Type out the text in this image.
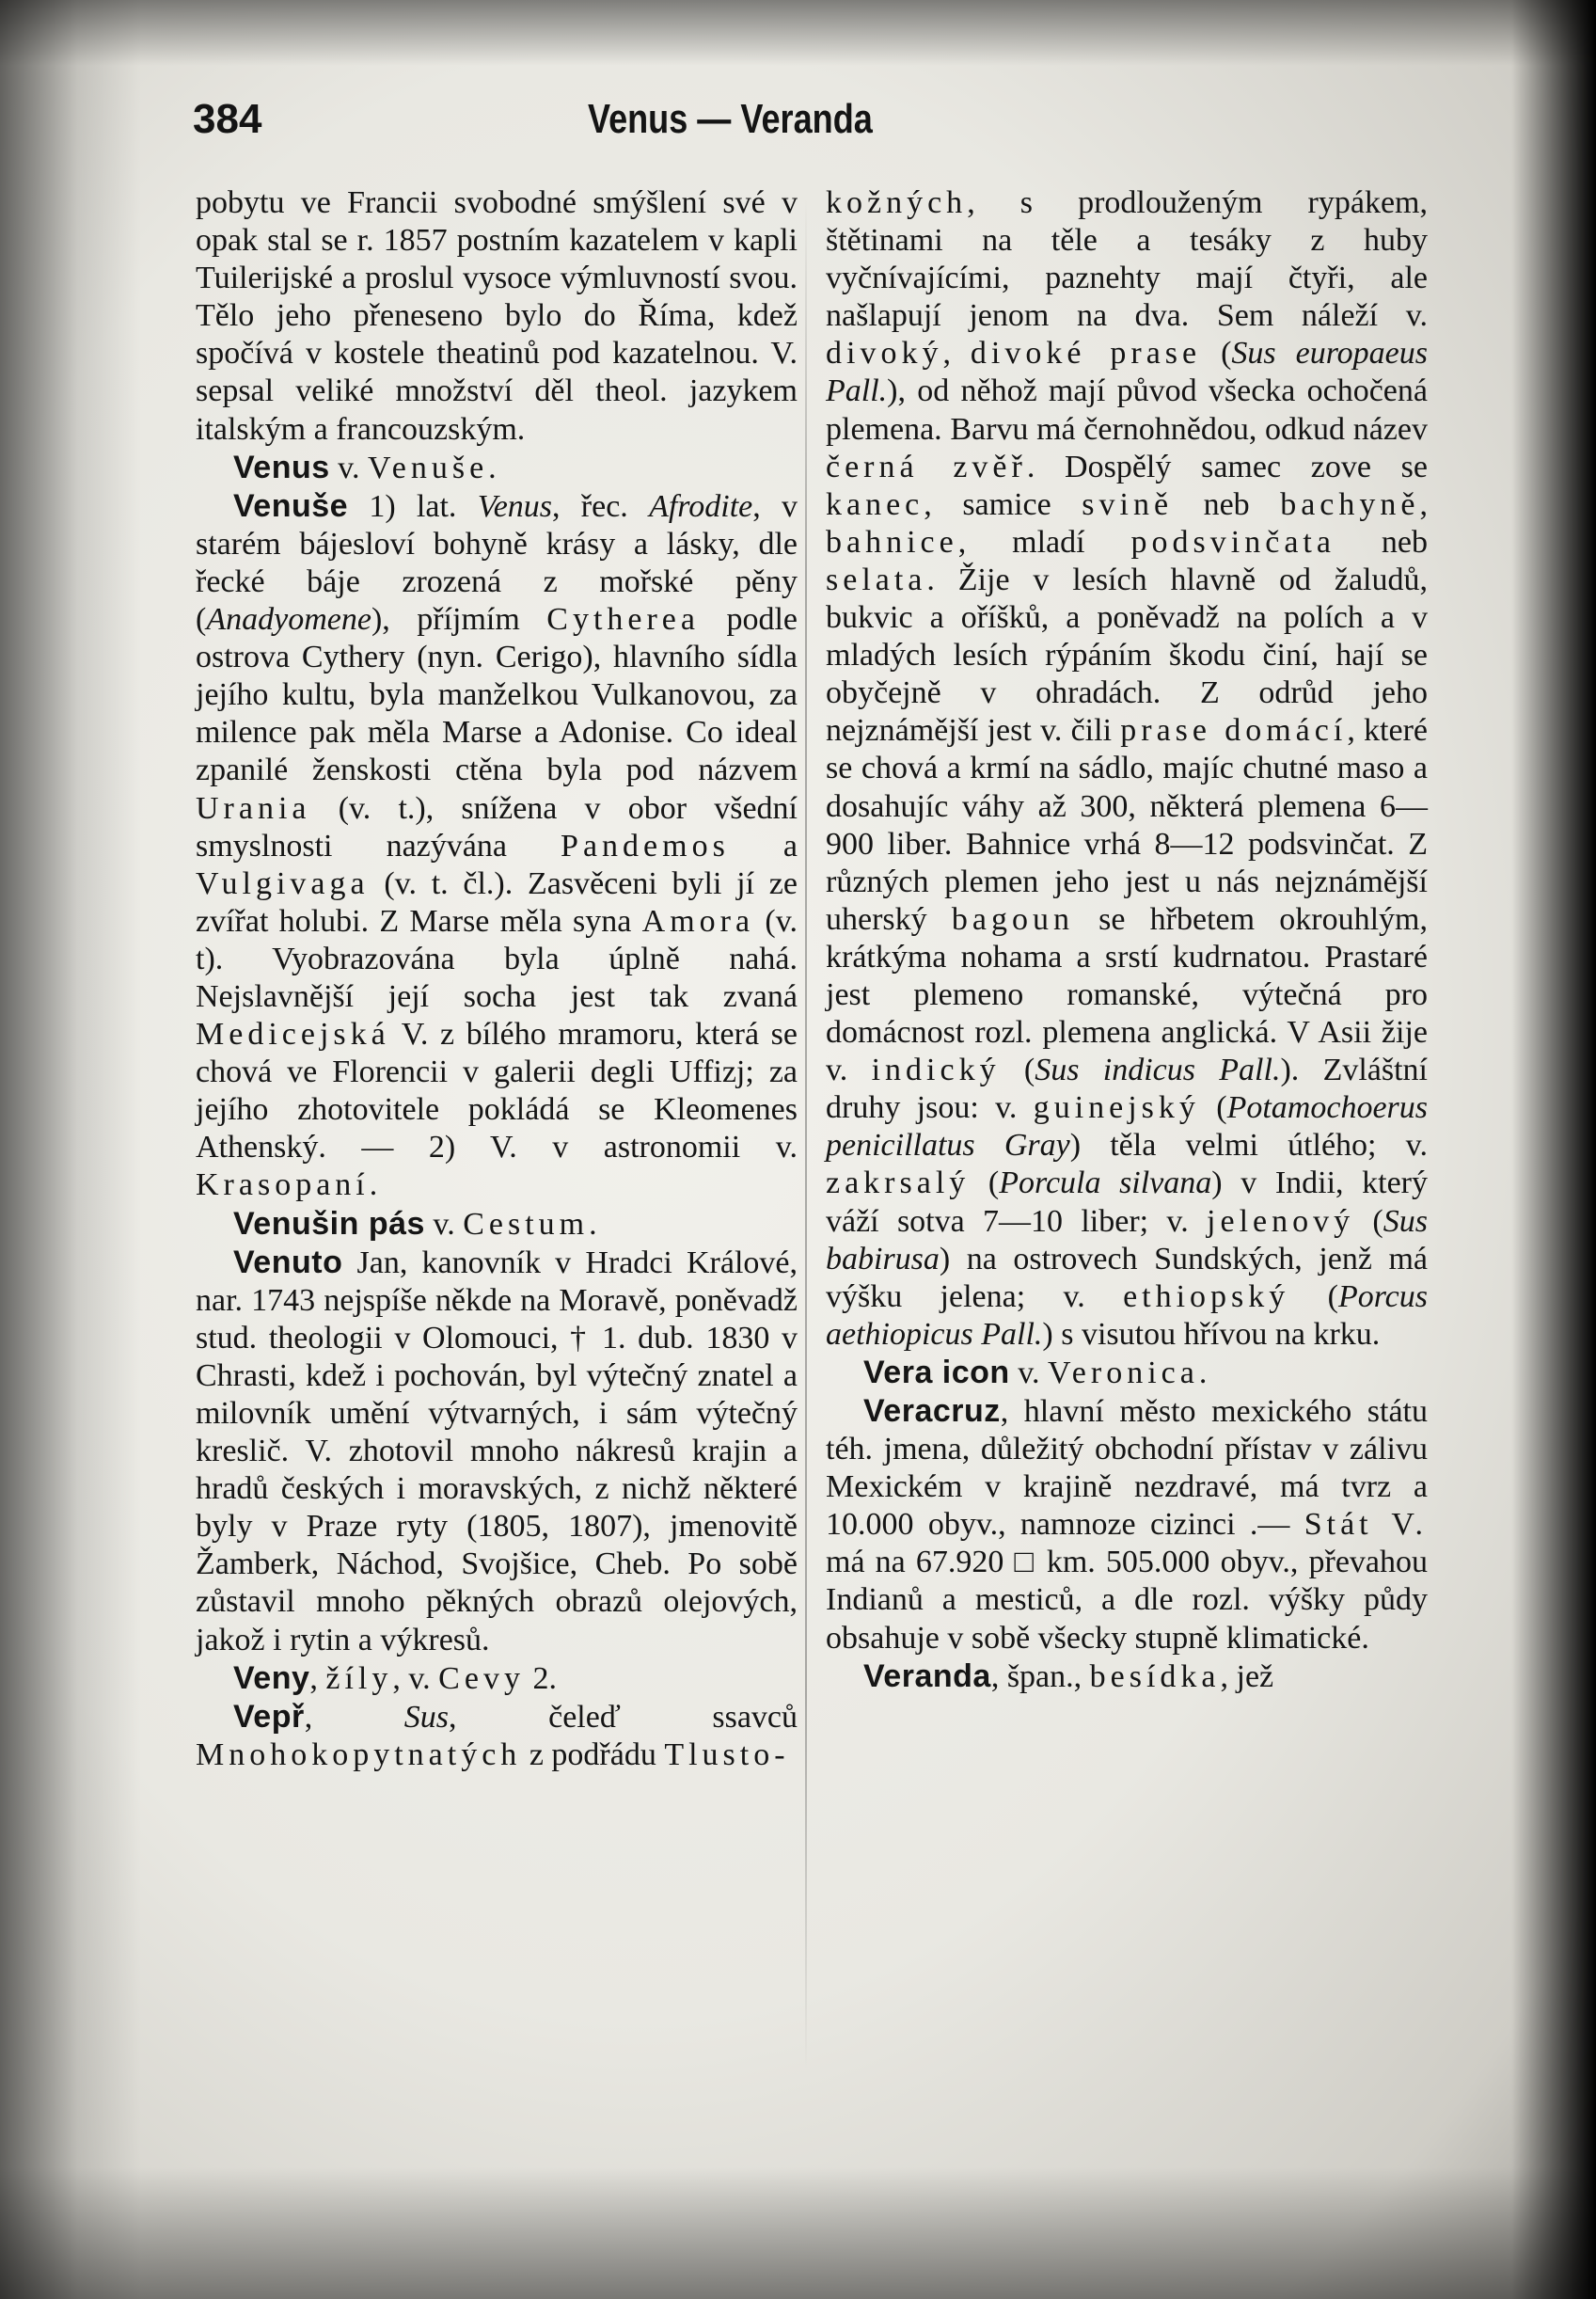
384	Venus — Veranda

pobytu ve Francii svobodné smýšlení své v opak stal se r. 1857 postním kazatelem v kapli Tuilerijské a proslul vysoce výmluvností svou. Tělo jeho přeneseno bylo do Říma, kdež spočívá v kostele theatinů pod kazatelnou. V. sepsal veliké množství děl theol. jazykem italským a francouzským.

Venus v. Venuše.

Venuše 1) lat. Venus, řec. Afrodite, v starém bájesloví bohyně krásy a lásky, dle řecké báje zrozená z mořské pěny (Anadyomene), příjmím Cytherea podle ostrova Cythery (nyn. Cerigo), hlavního sídla jejího kultu, byla manželkou Vulkanovou, za milence pak měla Marse a Adonise. Co ideal zpanilé ženskosti ctěna byla pod názvem Urania (v. t.), snížena v obor všední smyslnosti nazývána Pandemos a Vulgivaga (v. t. čl.). Zasvěceni byli jí ze zvířat holubi. Z Marse měla syna Amora (v. t). Vyobrazována byla úplně nahá. Nejslavnější její socha jest tak zvaná Medicejská V. z bílého mramoru, která se chová ve Florencii v galerii degli Uffizj; za jejího zhotovitele pokládá se Kleomenes Athenský. — 2) V. v astronomii v. Krasopaní.

Venušin pás v. Cestum.

Venuto Jan, kanovník v Hradci Králové, nar. 1743 nejspíše někde na Moravě, poněvadž stud. theologii v Olomouci, † 1. dub. 1830 v Chrasti, kdež i pochován, byl výtečný znatel a milovník umění výtvarných, i sám výtečný kreslič. V. zhotovil mnoho nákresů krajin a hradů českých i moravských, z nichž některé byly v Praze ryty (1805, 1807), jmenovitě Žamberk, Náchod, Svojšice, Cheb. Po sobě zůstavil mnoho pěkných obrazů olejových, jakož i rytin a výkresů.

Veny, žíly, v. Cevy 2.

Vepř, Sus, čeleď ssavců Mnohokopytnatých z podřádu Tlusto-

kožných, s prodlouženým rypákem, štětinami na těle a tesáky z huby vyčnívajícími, paznehty mají čtyři, ale našlapují jenom na dva. Sem náleží v. divoký, divoké prase (Sus europaeus Pall.), od něhož mají původ všecka ochočená plemena. Barvu má černohnědou, odkud název černá zvěř. Dospělý samec zove se kanec, samice svině neb bachyně, bahnice, mladí podsvinčata neb selata. Žije v lesích hlavně od žaludů, bukvic a oříšků, a poněvadž na polích a v mladých lesích rýpáním škodu činí, hají se obyčejně v ohradách. Z odrůd jeho nejznámější jest v. čili prase domácí, které se chová a krmí na sádlo, majíc chutné maso a dosahujíc váhy až 300, některá plemena 6—900 liber. Bahnice vrhá 8—12 podsvinčat. Z různých plemen jeho jest u nás nejznámější uherský bagoun se hřbetem okrouhlým, krátkýma nohama a srstí kudrnatou. Prastaré jest plemeno romanské, výtečná pro domácnost rozl. plemena anglická. V Asii žije v. indický (Sus indicus Pall.). Zvláštní druhy jsou: v. guinejský (Potamochoerus penicillatus Gray) těla velmi útlého; v. zakrsalý (Porcula silvana) v Indii, který váží sotva 7—10 liber; v. jelenový (Sus babirusa) na ostrovech Sundských, jenž má výšku jelena; v. ethiopský (Porcus aethiopicus Pall.) s visutou hřívou na krku.

Vera icon v. Veronica.

Veracruz, hlavní město mexického státu téh. jmena, důležitý obchodní přístav v zálivu Mexickém v krajině nezdravé, má tvrz a 10.000 obyv., namnoze cizinci .— Stát V. má na 67.920 □ km. 505.000 obyv., převahou Indianů a mesticů, a dle rozl. výšky půdy obsahuje v sobě všecky stupně klimatické.

Veranda, špan., besídka, jež
